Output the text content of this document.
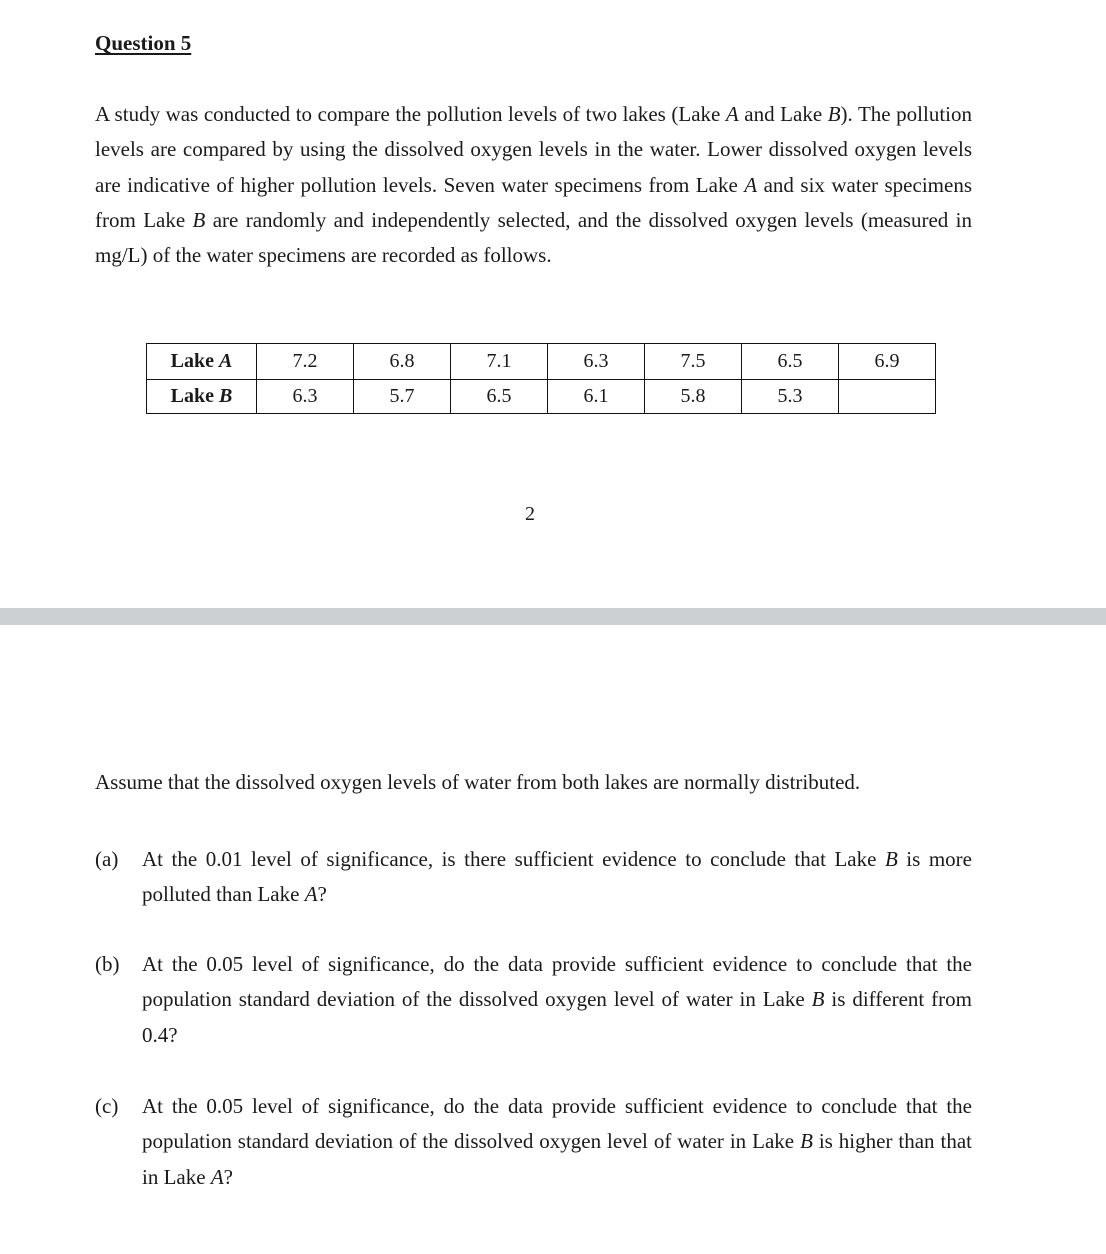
Question 5

A study was conducted to compare the pollution levels of two lakes (Lake A and Lake B). The pollution levels are compared by using the dissolved oxygen levels in the water. Lower dissolved oxygen levels are indicative of higher pollution levels. Seven water specimens from Lake A and six water specimens from Lake B are randomly and independently selected, and the dissolved oxygen levels (measured in mg/L) of the water specimens are recorded as follows.

Lake A	7.2	6.8	7.1	6.3	7.5	6.5	6.9
Lake B	6.3	5.7	6.5	6.1	5.8	5.3	
2

Assume that the dissolved oxygen levels of water from both lakes are normally distributed.

(a) At the 0.01 level of significance, is there sufficient evidence to conclude that Lake B is more polluted than Lake A?
(b) At the 0.05 level of significance, do the data provide sufficient evidence to conclude that the population standard deviation of the dissolved oxygen level of water in Lake B is different from 0.4?
(c) At the 0.05 level of significance, do the data provide sufficient evidence to conclude that the population standard deviation of the dissolved oxygen level of water in Lake B is higher than that in Lake A?
